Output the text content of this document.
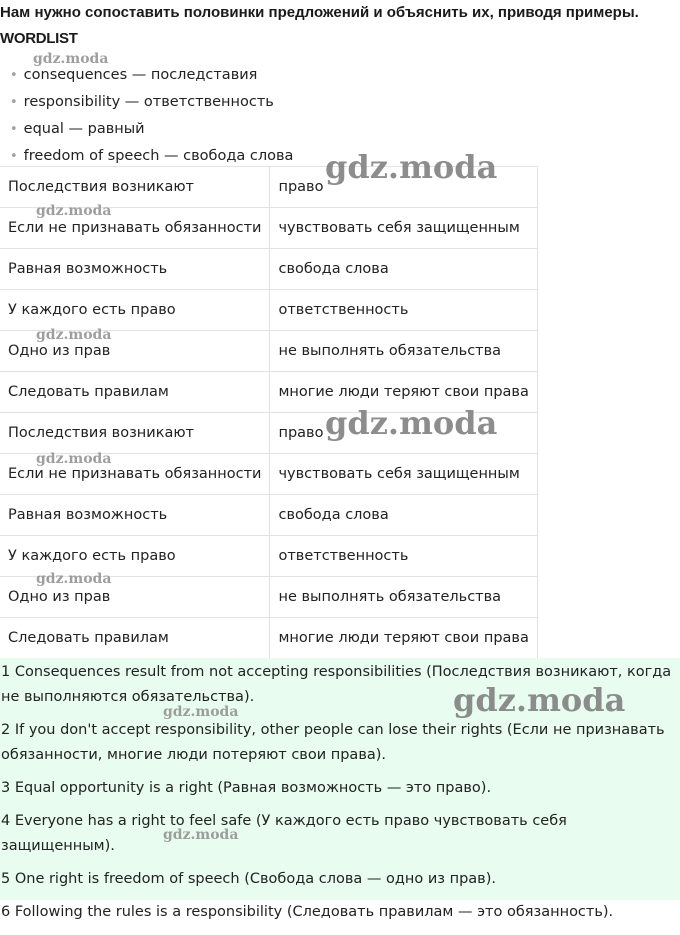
Нам нужно сопоставить половинки предложений и объяснить их, приводя примеры.
WORDLIST
• consequences — последставия
• responsibility — ответственность
• equal — равный
• freedom of speech — свобода слова
Последствия возникают	право
Если не признавать обязанности	чувствовать себя защищенным
Равная возможность	свобода слова
У каждого есть право	ответственность
Одно из прав	не выполнять обязательства
Следовать правилам	многие люди теряют свои права
Последствия возникают	право
Если не признавать обязанности	чувствовать себя защищенным
Равная возможность	свобода слова
У каждого есть право	ответственность
Одно из прав	не выполнять обязательства
Следовать правилам	многие люди теряют свои права

1 Consequences result from not accepting responsibilities (Последствия возникают, когда не выполняются обязательства).

2 If you don't accept responsibility, other people can lose their rights (Если не признавать обязанности, многие люди потеряют свои права).

3 Equal opportunity is a right (Равная возможность — это право).

4 Everyone has a right to feel safe (У каждого есть право чувствовать себя защищенным).

5 One right is freedom of speech (Свобода слова — одно из прав).

6 Following the rules is a responsibility (Следовать правилам — это обязанность).

gdz.moda
gdz.moda
gdz.moda
gdz.moda
gdz.moda
gdz.moda
gdz.moda
gdz.moda
gdz.moda
gdz.moda
